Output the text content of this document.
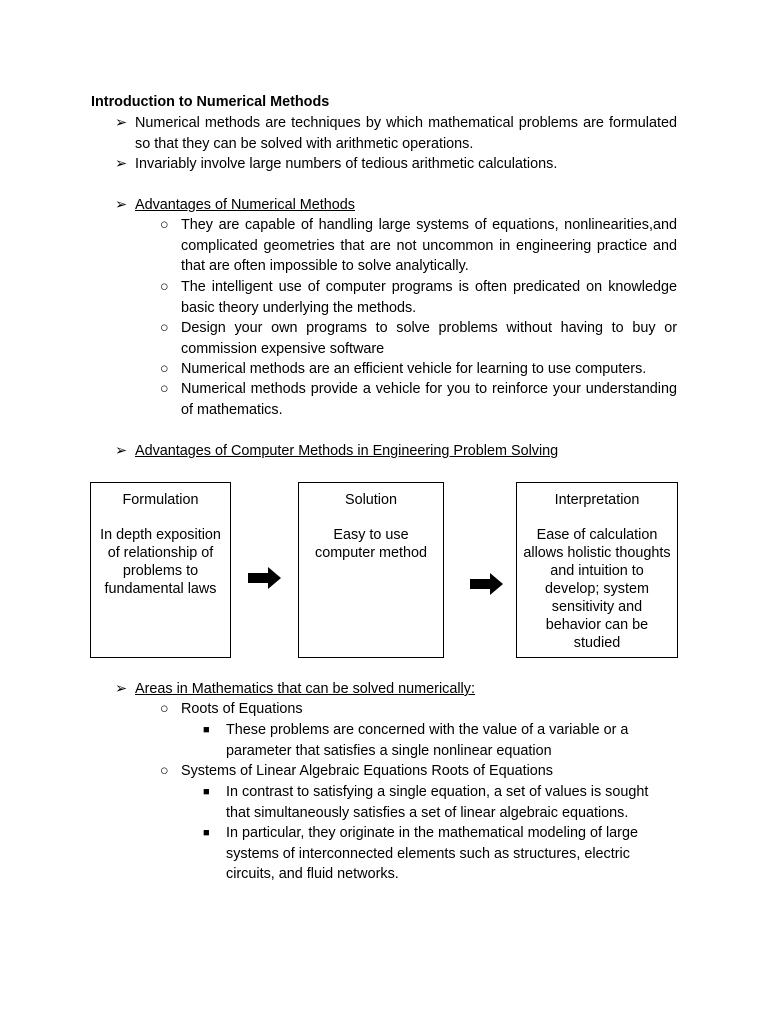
Introduction to Numerical Methods
➢ Numerical methods are techniques by which mathematical problems are formulated so that they can be solved with arithmetic operations.
➢ Invariably involve large numbers of tedious arithmetic calculations.
➢ Advantages of Numerical Methods
○ They are capable of handling large systems of equations, nonlinearities,and complicated geometries that are not uncommon in engineering practice and that are often impossible to solve analytically.
○ The intelligent use of computer programs is often predicated on knowledge basic theory underlying the methods.
○ Design your own programs to solve problems without having to buy or commission expensive software
○ Numerical methods are an efficient vehicle for learning to use computers.
○ Numerical methods provide a vehicle for you to reinforce your understanding of mathematics.
➢ Advantages of Computer Methods in Engineering Problem Solving
Formulation
In depth exposition of relationship of problems to fundamental laws
Solution
Easy to use computer method
Interpretation
Ease of calculation allows holistic thoughts and intuition to develop; system sensitivity and behavior can be studied
➢ Areas in Mathematics that can be solved numerically:
○ Roots of Equations
■ These problems are concerned with the value of a variable or a parameter that satisfies a single nonlinear equation
○ Systems of Linear Algebraic Equations Roots of Equations
■ In contrast to satisfying a single equation, a set of values is sought that simultaneously satisfies a set of linear algebraic equations.
■ In particular, they originate in the mathematical modeling of large systems of interconnected elements such as structures, electric circuits, and fluid networks.
